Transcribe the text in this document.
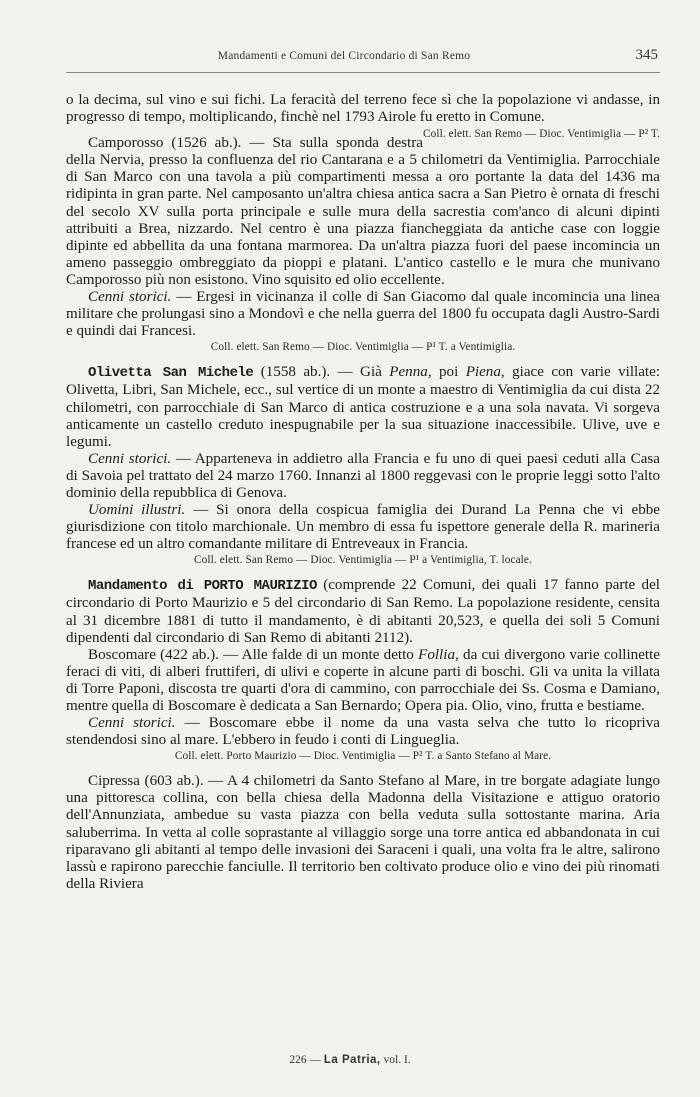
Mandamenti e Comuni del Circondario di San Remo	345

o la decima, sul vino e sui fichi. La feracità del terreno fece sì che la popolazione vi andasse, in progresso di tempo, moltiplicando, finchè nel 1793 Airole fu eretto in Comune.
Coll. elett. San Remo — Dioc. Ventimiglia — P² T.

Camporosso (1526 ab.). — Sta sulla sponda destra della Nervia, presso la confluenza del rio Cantarana e a 5 chilometri da Ventimiglia. Parrocchiale di San Marco con una tavola a più compartimenti messa a oro portante la data del 1436 ma ridipinta in gran parte. Nel camposanto un'altra chiesa antica sacra a San Pietro è ornata di freschi del secolo XV sulla porta principale e sulle mura della sacrestia com'anco di alcuni dipinti attribuiti a Brea, nizzardo. Nel centro è una piazza fiancheggiata da antiche case con loggie dipinte ed abbellita da una fontana marmorea. Da un'altra piazza fuori del paese incomincia un ameno passeggio ombreggiato da pioppi e platani. L'antico castello e le mura che munivano Camporosso più non esistono. Vino squisito ed olio eccellente.

Cenni storici. — Ergesi in vicinanza il colle di San Giacomo dal quale incomincia una linea militare che prolungasi sino a Mondovì e che nella guerra del 1800 fu occupata dagli Austro-Sardi e quindi dai Francesi.

Coll. elett. San Remo — Dioc. Ventimiglia — P¹ T. a Ventimiglia.

Olivetta San Michele (1558 ab.). — Già Penna, poi Piena, giace con varie villate: Olivetta, Libri, San Michele, ecc., sul vertice di un monte a maestro di Ventimiglia da cui dista 22 chilometri, con parrocchiale di San Marco di antica costruzione e a una sola navata. Vi sorgeva anticamente un castello creduto inespugnabile per la sua situazione inaccessibile. Ulive, uve e legumi.

Cenni storici. — Apparteneva in addietro alla Francia e fu uno di quei paesi ceduti alla Casa di Savoia pel trattato del 24 marzo 1760. Innanzi al 1800 reggevasi con le proprie leggi sotto l'alto dominio della repubblica di Genova.

Uomini illustri. — Si onora della cospicua famiglia dei Durand La Penna che vi ebbe giurisdizione con titolo marchionale. Un membro di essa fu ispettore generale della R. marineria francese ed un altro comandante militare di Entreveaux in Francia.

Coll. elett. San Remo — Dioc. Ventimiglia — P¹ a Ventimiglia, T. locale.

Mandamento di PORTO MAURIZIO (comprende 22 Comuni, dei quali 17 fanno parte del circondario di Porto Maurizio e 5 del circondario di San Remo. La popolazione residente, censita al 31 dicembre 1881 di tutto il mandamento, è di abitanti 20,523, e quella dei soli 5 Comuni dipendenti dal circondario di San Remo di abitanti 2112).

Boscomare (422 ab.). — Alle falde di un monte detto Follia, da cui divergono varie collinette feraci di viti, di alberi fruttiferi, di ulivi e coperte in alcune parti di boschi. Gli va unita la villata di Torre Paponi, discosta tre quarti d'ora di cammino, con parrocchiale dei Ss. Cosma e Damiano, mentre quella di Boscomare è dedicata a San Bernardo; Opera pia. Olio, vino, frutta e bestiame.

Cenni storici. — Boscomare ebbe il nome da una vasta selva che tutto lo ricopriva stendendosi sino al mare. L'ebbero in feudo i conti di Lingueglia.

Coll. elett. Porto Maurizio — Dioc. Ventimiglia — P² T. a Santo Stefano al Mare.

Cipressa (603 ab.). — A 4 chilometri da Santo Stefano al Mare, in tre borgate adagiate lungo una pittoresca collina, con bella chiesa della Madonna della Visitazione e attiguo oratorio dell'Annunziata, ambedue su vasta piazza con bella veduta sulla sottostante marina. Aria saluberrima. In vetta al colle soprastante al villaggio sorge una torre antica ed abbandonata in cui riparavano gli abitanti al tempo delle invasioni dei Saraceni i quali, una volta fra le altre, salirono lassù e rapirono parecchie fanciulle. Il territorio ben coltivato produce olio e vino dei più rinomati della Riviera

226 — La Patria, vol. I.
